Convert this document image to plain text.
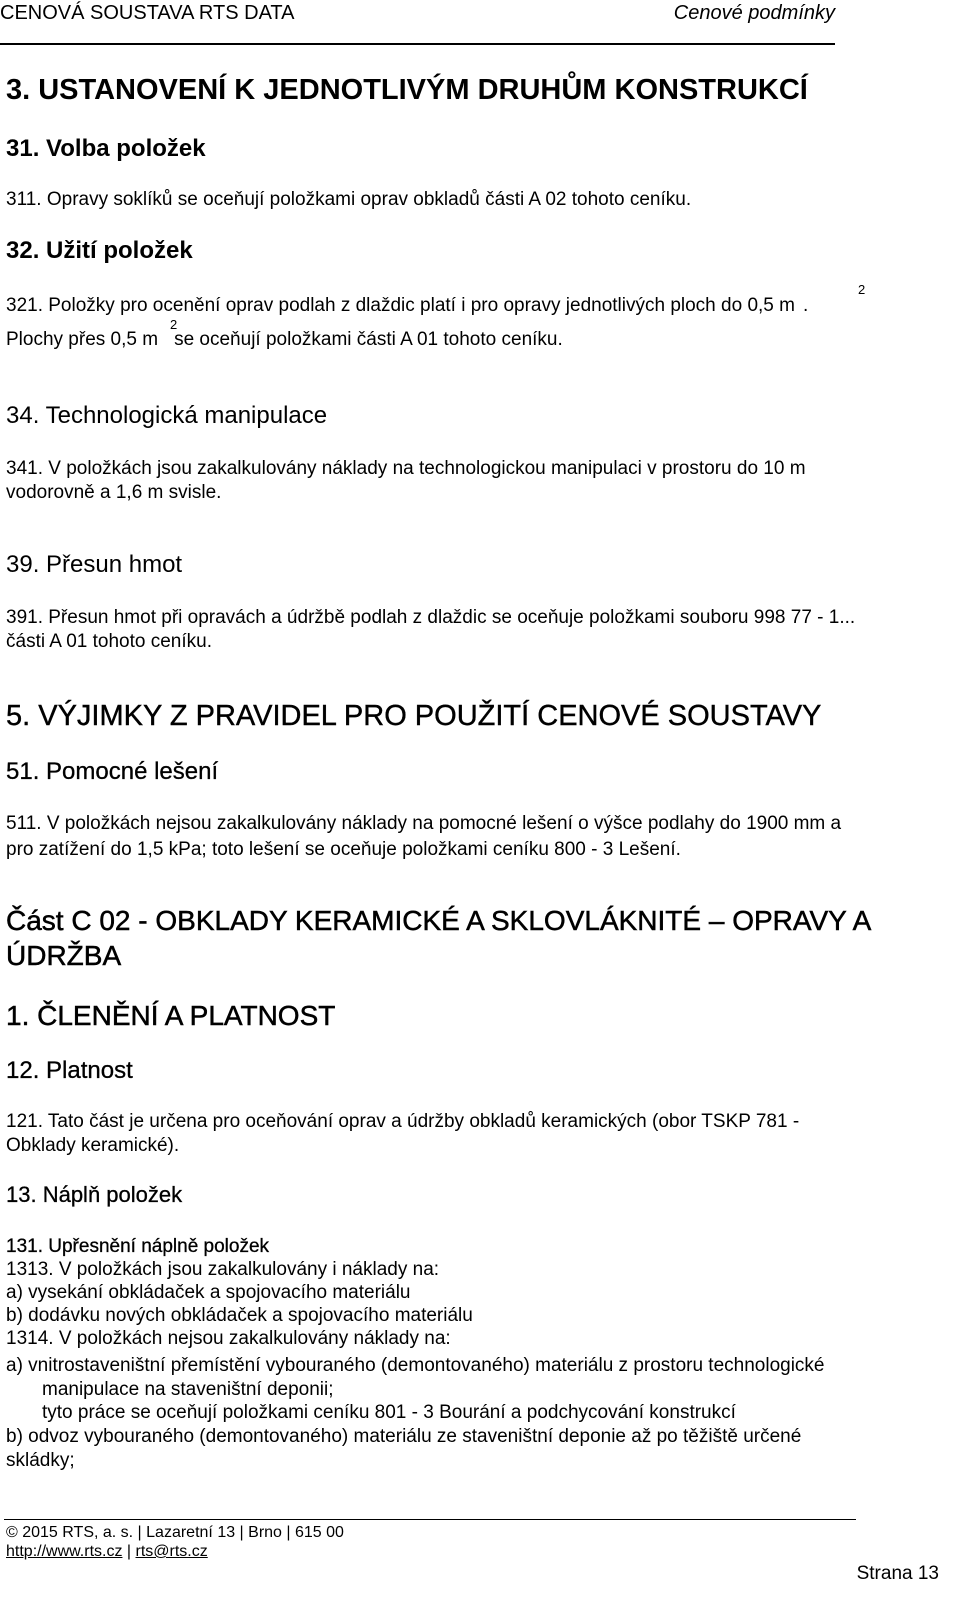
CENOVÁ SOUSTAVA RTS DATA	Cenové podmínky
3. USTANOVENÍ K JEDNOTLIVÝM DRUHŮM KONSTRUKCÍ
31. Volba položek
311. Opravy soklíků se oceňují položkami oprav obkladů části A 02 tohoto ceníku.
32. Užití položek
321. Položky pro ocenění oprav podlah z dlaždic platí i pro opravy jednotlivých ploch do 0,5 m .
2
Plochy přes 0,5 m se oceňují položkami části A 01 tohoto ceníku.
2
34. Technologická manipulace
341. V položkách jsou zakalkulovány náklady na technologickou manipulaci v prostoru do 10 m
vodorovně a 1,6 m svisle.
39. Přesun hmot
391. Přesun hmot při opravách a údržbě podlah z dlaždic se oceňuje položkami souboru 998 77 - 1...
části A 01 tohoto ceníku.
5. VÝJIMKY Z PRAVIDEL PRO POUŽITÍ CENOVÉ SOUSTAVY
51. Pomocné lešení
511. V položkách nejsou zakalkulovány náklady na pomocné lešení o výšce podlahy do 1900 mm a
pro zatížení do 1,5 kPa; toto lešení se oceňuje položkami ceníku 800 - 3 Lešení.
Část C 02 - OBKLADY KERAMICKÉ A SKLOVLÁKNITÉ – OPRAVY A
ÚDRŽBA
1. ČLENĚNÍ A PLATNOST
12. Platnost
121. Tato část je určena pro oceňování oprav a údržby obkladů keramických (obor TSKP 781 -
Obklady keramické).
13. Náplň položek
131. Upřesnění náplně položek
1313. V položkách jsou zakalkulovány i náklady na:
a) vysekání obkládaček a spojovacího materiálu
b) dodávku nových obkládaček a spojovacího materiálu
1314. V položkách nejsou zakalkulovány náklady na:
a) vnitrostaveništní přemístění vybouraného (demontovaného) materiálu z prostoru technologické
manipulace na staveništní deponii;
tyto práce se oceňují položkami ceníku 801 - 3 Bourání a podchycování konstrukcí
b) odvoz vybouraného (demontovaného) materiálu ze staveništní deponie až po těžiště určené
skládky;
© 2015 RTS, a. s. | Lazaretní 13 | Brno | 615 00
http://www.rts.cz | rts@rts.cz
Strana 13
